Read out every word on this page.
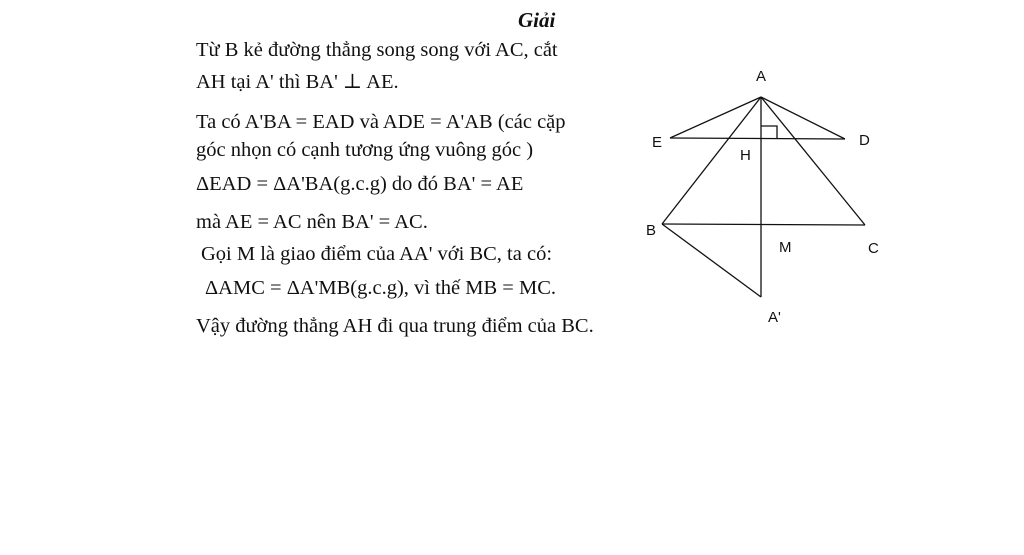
Giải
Từ B kẻ đường thẳng song song với AC, cắt
AH tại A' thì BA' ⊥ AE.
Ta có A'BA = EAD và ADE = A'AB (các cặp
góc nhọn có cạnh tương ứng vuông góc )
ΔEAD = ΔA'BA(g.c.g) do đó BA' = AE
mà AE = AC nên BA' = AC.
Gọi M là giao điểm của AA' với BC, ta có:
ΔAMC = ΔA'MB(g.c.g), vì thế MB = MC.
Vậy đường thẳng AH đi qua trung điểm của BC.
A
E	D
H
B
M	C
A'
